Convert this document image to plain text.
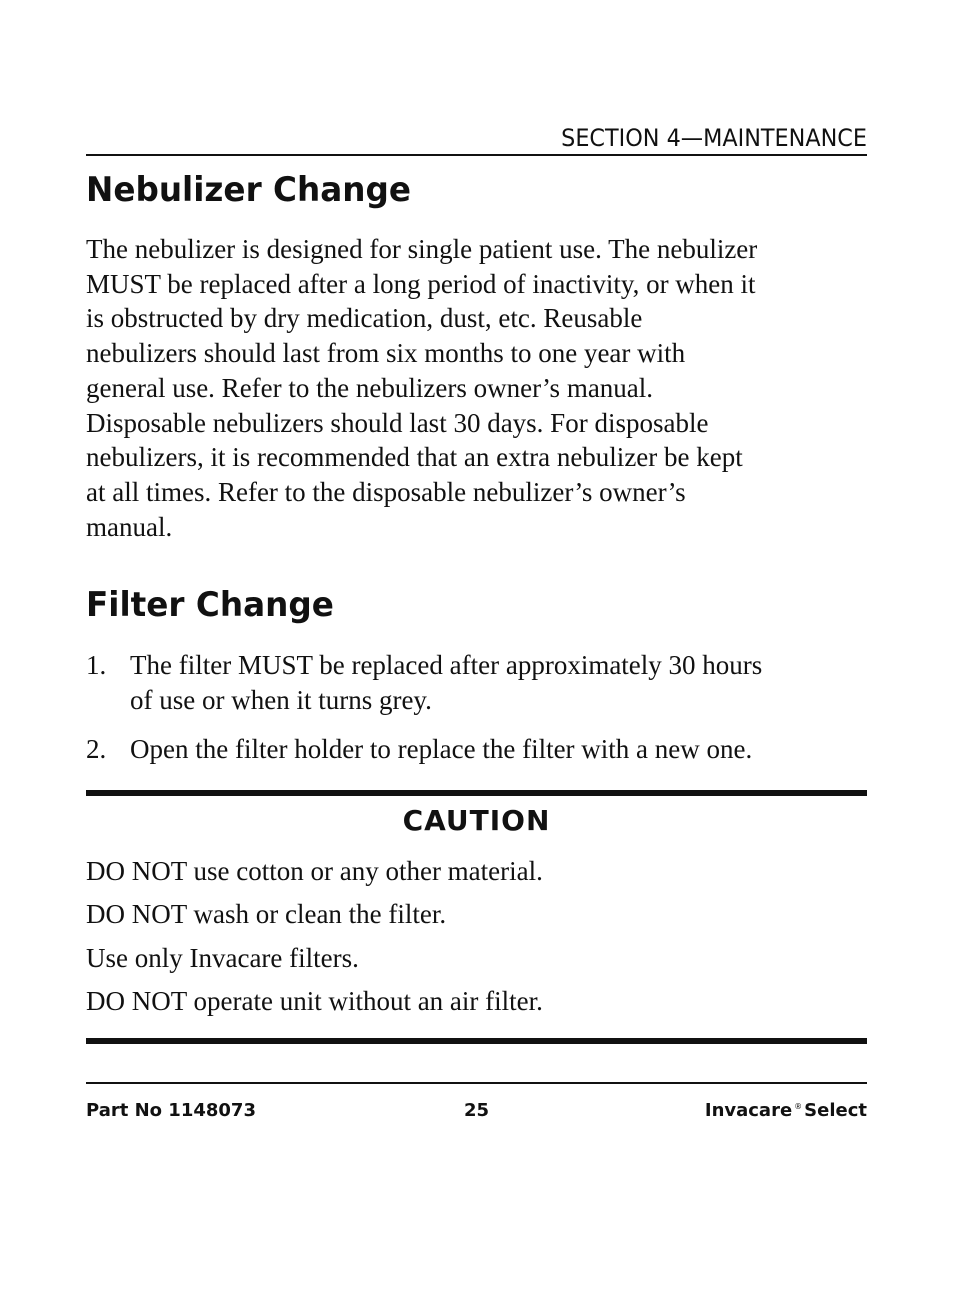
SECTION 4—MAINTENANCE
Nebulizer Change
The nebulizer is designed for single patient use. The nebulizer
MUST be replaced after a long period of inactivity, or when it
is obstructed by dry medication, dust, etc. Reusable
nebulizers should last from six months to one year with
general use. Refer to the nebulizers owner’s manual.
Disposable nebulizers should last 30 days. For disposable
nebulizers, it is recommended that an extra nebulizer be kept
at all times. Refer to the disposable nebulizer’s owner’s
manual.
Filter Change
1. The filter MUST be replaced after approximately 30 hours
of use or when it turns grey.
2. Open the filter holder to replace the filter with a new one.
CAUTION
DO NOT use cotton or any other material.
DO NOT wash or clean the filter.
Use only Invacare filters.
DO NOT operate unit without an air filter.
Part No 1148073	25	Invacare ® Select
